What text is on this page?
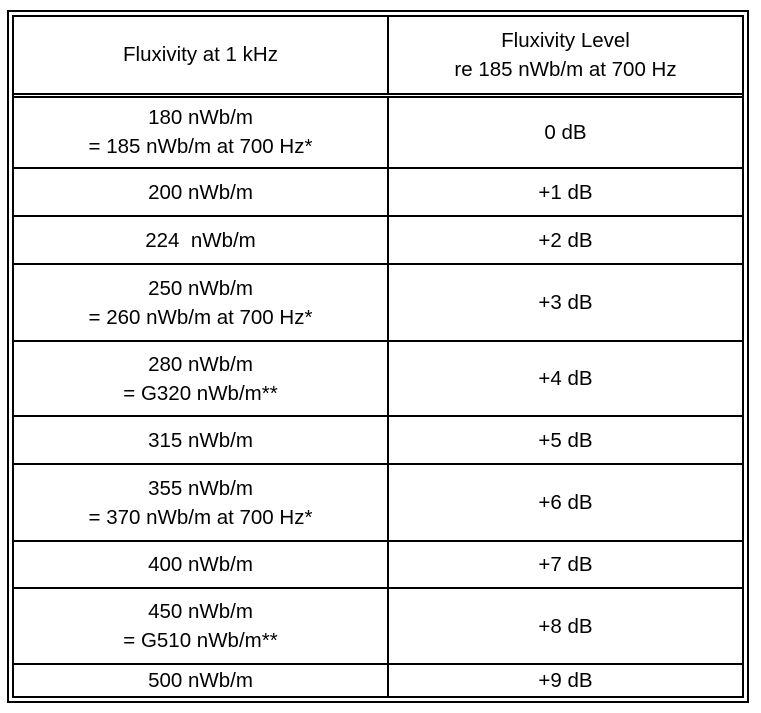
Fluxivity at 1 kHz	Fluxivity Level
re 185 nWb/m at 700 Hz

180 nWb/m
= 185 nWb/m at 700 Hz*	0 dB

200 nWb/m	+1 dB

224  nWb/m	+2 dB

250 nWb/m
= 260 nWb/m at 700 Hz*	+3 dB

280 nWb/m
= G320 nWb/m**	+4 dB

315 nWb/m	+5 dB

355 nWb/m
= 370 nWb/m at 700 Hz*	+6 dB

400 nWb/m	+7 dB

450 nWb/m
= G510 nWb/m**	+8 dB

500 nWb/m	+9 dB
